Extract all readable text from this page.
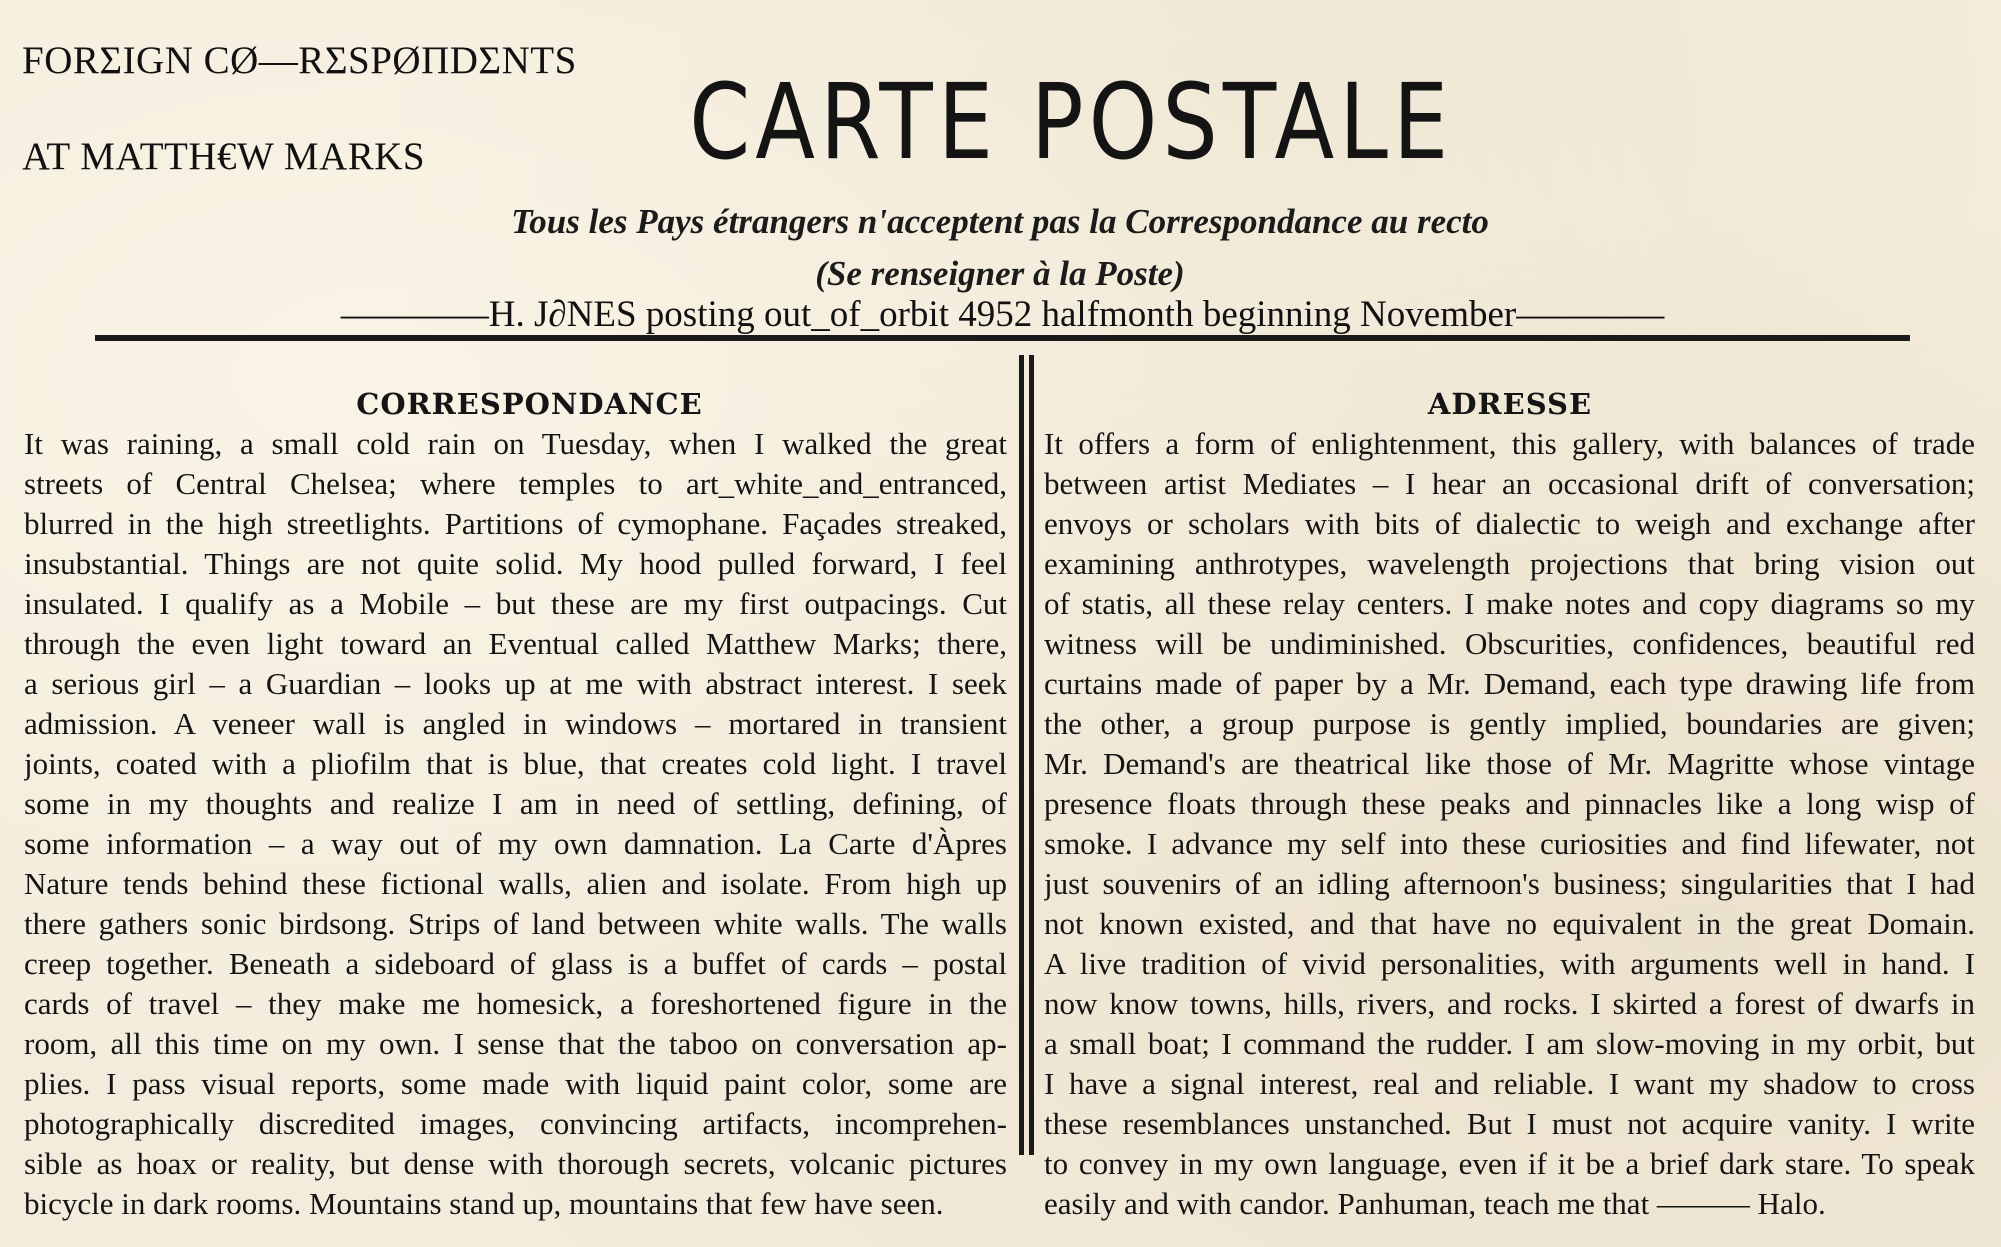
FORΣIGN CØ—RΣSPØΠDΣNTS
AT MATTH€W MARKS	CARTE POSTALE
Tous les Pays étrangers n'acceptent pas la Correspondance au recto
(Se renseigner à la Poste)
————H. J∂NES posting out_of_orbit 4952 halfmonth beginning November————
CORRESPONDANCE	ADRESSE
It was raining, a small cold rain on Tuesday, when I walked the great
streets of Central Chelsea; where temples to art_white_and_entranced,
blurred in the high streetlights. Partitions of cymophane. Façades streaked,
insubstantial. Things are not quite solid. My hood pulled forward, I feel
insulated. I qualify as a Mobile – but these are my first outpacings. Cut
through the even light toward an Eventual called Matthew Marks; there,
a serious girl – a Guardian – looks up at me with abstract interest. I seek
admission. A veneer wall is angled in windows – mortared in transient
joints, coated with a pliofilm that is blue, that creates cold light. I travel
some in my thoughts and realize I am in need of settling, defining, of
some information – a way out of my own damnation. La Carte d'Àpres
Nature tends behind these fictional walls, alien and isolate. From high up
there gathers sonic birdsong. Strips of land between white walls. The walls
creep together. Beneath a sideboard of glass is a buffet of cards – postal
cards of travel – they make me homesick, a foreshortened figure in the
room, all this time on my own. I sense that the taboo on conversation ap-
plies. I pass visual reports, some made with liquid paint color, some are
photographically discredited images, convincing artifacts, incomprehen-
sible as hoax or reality, but dense with thorough secrets, volcanic pictures
bicycle in dark rooms. Mountains stand up, mountains that few have seen.
It offers a form of enlightenment, this gallery, with balances of trade
between artist Mediates – I hear an occasional drift of conversation;
envoys or scholars with bits of dialectic to weigh and exchange after
examining anthrotypes, wavelength projections that bring vision out
of statis, all these relay centers. I make notes and copy diagrams so my
witness will be undiminished. Obscurities, confidences, beautiful red
curtains made of paper by a Mr. Demand, each type drawing life from
the other, a group purpose is gently implied, boundaries are given;
Mr. Demand's are theatrical like those of Mr. Magritte whose vintage
presence floats through these peaks and pinnacles like a long wisp of
smoke. I advance my self into these curiosities and find lifewater, not
just souvenirs of an idling afternoon's business; singularities that I had
not known existed, and that have no equivalent in the great Domain.
A live tradition of vivid personalities, with arguments well in hand. I
now know towns, hills, rivers, and rocks. I skirted a forest of dwarfs in
a small boat; I command the rudder. I am slow-moving in my orbit, but
I have a signal interest, real and reliable. I want my shadow to cross
these resemblances unstanched. But I must not acquire vanity. I write
to convey in my own language, even if it be a brief dark stare. To speak
easily and with candor. Panhuman, teach me that ——— Halo.
